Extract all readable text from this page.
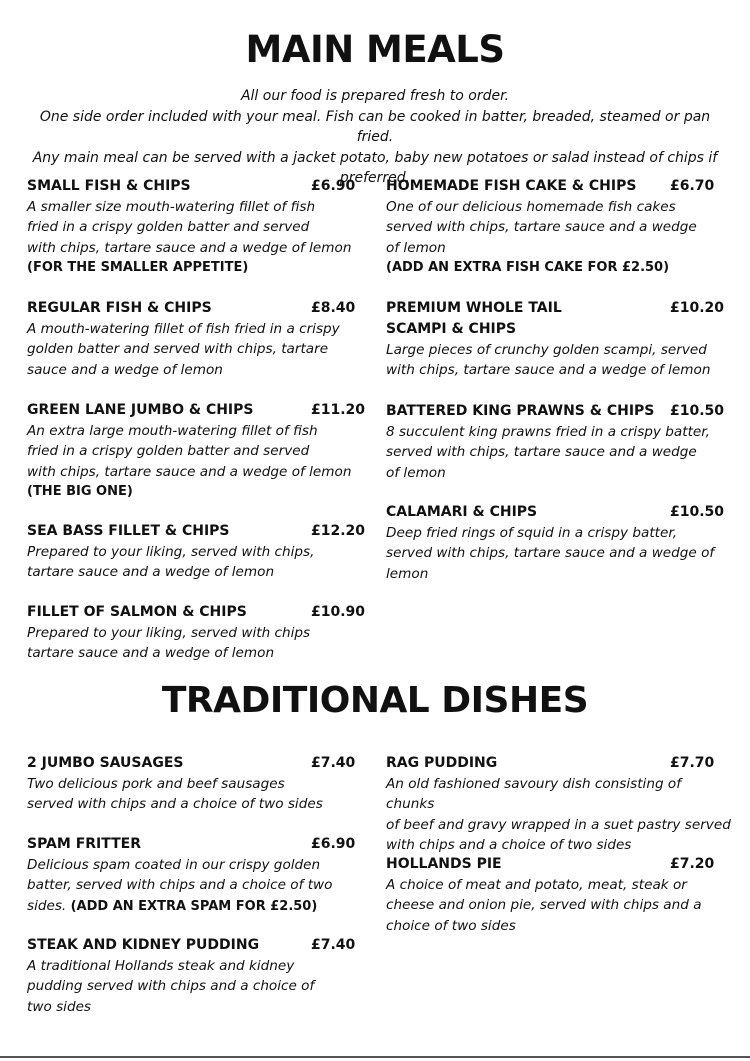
MAIN MEALS
All our food is prepared fresh to order.
One side order included with your meal. Fish can be cooked in batter, breaded, steamed or pan fried.
Any main meal can be served with a jacket potato, baby new potatoes or salad instead of chips if preferred.
SMALL FISH & CHIPS	£6.90
A smaller size mouth-watering fillet of fish
fried in a crispy golden batter and served
with chips, tartare sauce and a wedge of lemon
(FOR THE SMALLER APPETITE)
REGULAR FISH & CHIPS	£8.40
A mouth-watering fillet of fish fried in a crispy
golden batter and served with chips, tartare
sauce and a wedge of lemon
GREEN LANE JUMBO & CHIPS	£11.20
An extra large mouth-watering fillet of fish
fried in a crispy golden batter and served
with chips, tartare sauce and a wedge of lemon
(THE BIG ONE)
SEA BASS FILLET & CHIPS	£12.20
Prepared to your liking, served with chips,
tartare sauce and a wedge of lemon
FILLET OF SALMON & CHIPS	£10.90
Prepared to your liking, served with chips
tartare sauce and a wedge of lemon
HOMEMADE FISH CAKE & CHIPS £6.70
One of our delicious homemade fish cakes
served with chips, tartare sauce and a wedge
of lemon
(ADD AN EXTRA FISH CAKE FOR £2.50)
PREMIUM WHOLE TAIL	£10.20
SCAMPI & CHIPS
Large pieces of crunchy golden scampi, served
with chips, tartare sauce and a wedge of lemon
BATTERED KING PRAWNS & CHIPS £10.50
8 succulent king prawns fried in a crispy batter,
served with chips, tartare sauce and a wedge
of lemon
CALAMARI & CHIPS	£10.50
Deep fried rings of squid in a crispy batter,
served with chips, tartare sauce and a wedge of
lemon
TRADITIONAL DISHES
2 JUMBO SAUSAGES	£7.40
Two delicious pork and beef sausages
served with chips and a choice of two sides
SPAM FRITTER	£6.90
Delicious spam coated in our crispy golden
batter, served with chips and a choice of two
sides. (ADD AN EXTRA SPAM FOR £2.50)
STEAK AND KIDNEY PUDDING	£7.40
A traditional Hollands steak and kidney
pudding served with chips and a choice of
two sides
RAG PUDDING	£7.70
An old fashioned savoury dish consisting of chunks
of beef and gravy wrapped in a suet pastry served
with chips and a choice of two sides
HOLLANDS PIE	£7.20
A choice of meat and potato, meat, steak or
cheese and onion pie, served with chips and a
choice of two sides
